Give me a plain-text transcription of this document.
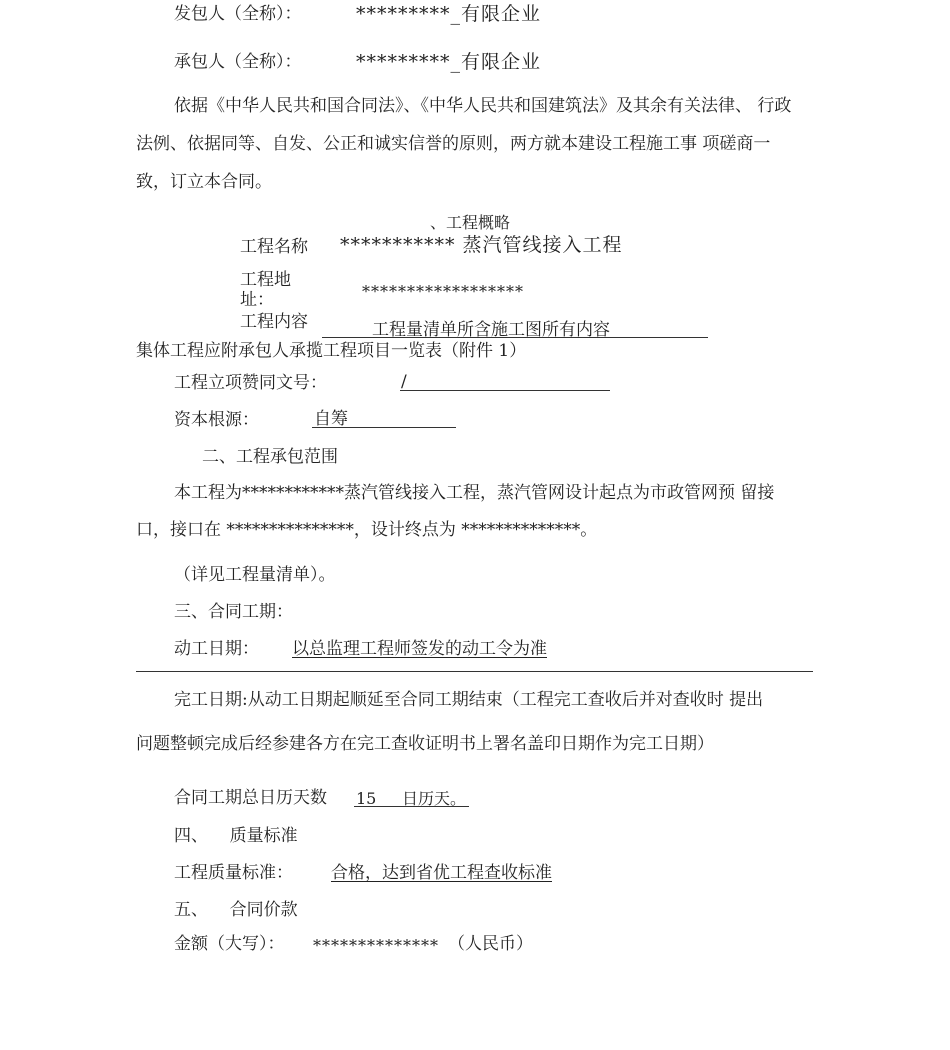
发包人（全称）：	*********_有限企业
承包人（全称）：	*********_有限企业
依据《中华人民共和国合同法》、《中华人民共和国建筑法》及其余有关法律、 行政
法例、依据同等、自发、公正和诚实信誉的原则，两方就本建设工程施工事 项磋商一
致，订立本合同。
、工程概略
工程名称 *********** 蒸汽管线接入工程
工程地
址：	******************
工程内容	工程量清单所含施工图所有内容
集体工程应附承包人承揽工程项目一览表（附件 1）
工程立项赞同文号：	/
资本根源：	自筹
二、工程承包范围
本工程为************蒸汽管线接入工程，蒸汽管网设计起点为市政管网预 留接
口，接口在 ***************，设计终点为 **************。
（详见工程量清单）。
三、合同工期：
动工日期： 以总监理工程师签发的动工令为准
完工日期:从动工日期起顺延至合同工期结束（工程完工查收后并对查收时 提出
问题整顿完成后经参建各方在完工查收证明书上署名盖印日期作为完工日期）
合同工期总日历天数 15 日历天。
四、    质量标准
工程质量标准： 合格，达到省优工程查收标准
五、    合同价款
金额（大写）： ************** （人民币）
